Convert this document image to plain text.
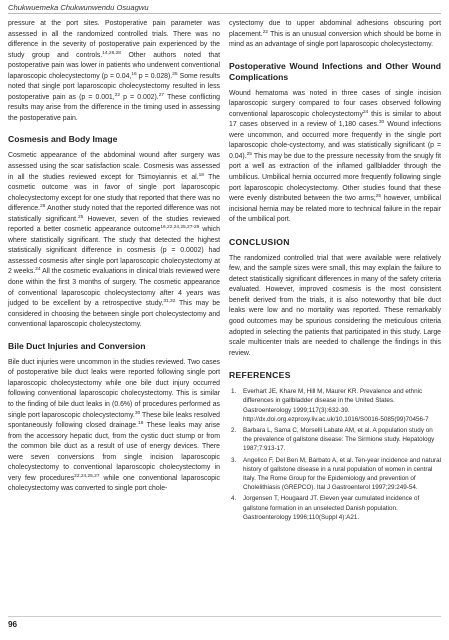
Chukwuemeka Chukwunwendu Osuagwu

pressure at the port sites. Postoperative pain parameter was assessed in all the randomized controlled trials. There was no difference in the severity of postoperative pain experienced by the study group and controls.$^{14,26,28}$ Other authors noted that postoperative pain was lower in patients who underwent conventional laparoscopic cholecystectomy (p = 0.04,16 p = 0.028).$^{25}$ Some results noted that single port laparoscopic cholecystectomy resulted in less postoperative pain as (p = 0.001,22 p = 0.002).$^{27}$ These conflicting results may arise from the difference in the timing used in assessing the postoperative pain.

Cosmesis and Body Image

Cosmetic appearance of the abdominal wound after surgery was assessed using the scar satisfaction scale. Cosmesis was assessed in all the studies reviewed except for Tsimoyiannis et al.$^{18}$ The cosmetic outcome was in favor of single port laparoscopic cholecystectomy except for one study that reported that there was no difference.$^{26}$ Another study noted that the reported difference was not statistically significant.$^{25}$ However, seven of the studies reviewed reported a better cosmetic appearance outcome$^{16,22,24,25,27-29}$ which where statistically significant. The study that detected the highest statistically significant difference in cosmesis (p = 0.0002) had assessed cosmesis after single port laparoscopic cholecystectomy at 2 weeks.$^{24}$ All the cosmetic evaluations in clinical trials reviewed were done within the first 3 months of surgery. The cosmetic appearance of conventional laparoscopic cholecystectomy after 4 years was judged to be excellent by a retrospective study.$^{31,32}$ This may be considered in choosing the between single port cholecystectomy and conventional laparoscopic cholecystectomy.

Bile Duct Injuries and Conversion

Bile duct injuries were uncommon in the studies reviewed. Two cases of postoperative bile duct leaks were reported following single port laparoscopic cholecystectomy while one bile duct injury occurred following conventional laparoscopic cholecystectomy. This is similar to the finding of bile duct leaks in (0.6%) of procedures performed as single port laparoscopic cholecystectomy.$^{30}$ These bile leaks resolved spontaneously following closed drainage.$^{18}$ These leaks may arise from the accessory hepatic duct, from the cystic duct stump or from the common bile duct as a result of use of energy devices. There were seven conversions from single incision laparoscopic cholecystectomy to conventional laparoscopic cholecystectomy in very few procedures$^{22,24,25,27}$ while one conventional laparoscopic cholecystectomy was converted to single port chole-

cystectomy due to upper abdominal adhesions obscuring port placement.$^{22}$ This is an unusual conversion which should be borne in mind as an advantage of single port laparoscopic cholecystectomy.

Postoperative Wound Infections and Other Wound Complications

Wound hematoma was noted in three cases of single incision laparoscopic surgery compared to four cases observed following conventional laparoscopic cholecystectomy$^{24}$ this is similar to about 17 cases observed in a review of 1,180 cases.$^{30}$ Wound infections were uncommon, and occurred more frequently in the single port laparoscopic chole-cystectomy, and was statistically significant (p = 0.04).$^{25}$ This may be due to the pressure necessity from the snugly fit port a well as extraction of the inflamed gallbladder through the umbilicus. Umbilical hernia occurred more frequently following single port laparoscopic cholecystectomy. Other studies found that these were evenly distributed between the two arms;$^{25}$ however, umbilical incisional hernia may be related more to technical failure in the repair of the umbilical port.

CONCLUSION

The randomized controlled trial that were available were relatively few, and the sample sizes were small, this may explain the failure to detect statistically significant differences in many of the safety criteria evaluated. However, improved cosmesis is the most consistent benefit derived from the trials, it is also noteworthy that bile duct leaks were low and no mortality was reported. These remarkably good outcomes may be spurious considering the meticulous criteria adopted in selecting the patients that participated in this study. Large scale multicenter trials are needed to challenge the findings in this review.

REFERENCES
1.	Everhart JE, Khare M, Hill M, Maurer KR. Prevalence and ethnic differences in gallbladder disease in the United States. Gastroenterology 1999;117(3):632-39. http://dx.doi.org.ezproxy.liv.ac.uk/10.1016/S0016-5085(99)70456-7
2.	Barbara L, Sama C, Morselli Labate AM, et al. A population study on the prevalence of gallstone disease: The Sirmione study. Hepatology 1987;7:913-17.
3.	Angelico F, Del Ben M, Barbato A, et al. Ten-year incidence and natural history of gallstone disease in a rural population of women in central Italy. The Rome Group for the Epidemiology and prevention of Cholelithiasis (GREPCO). Ital J Gastroenterol 1997;29:249-54.
4.	Jorgensen T, Hougaard JT. Eleven year cumulated incidence of gallstone formation in an unselected Danish population. Gastroenterology 1996;110(Suppl 4):A21.
96
